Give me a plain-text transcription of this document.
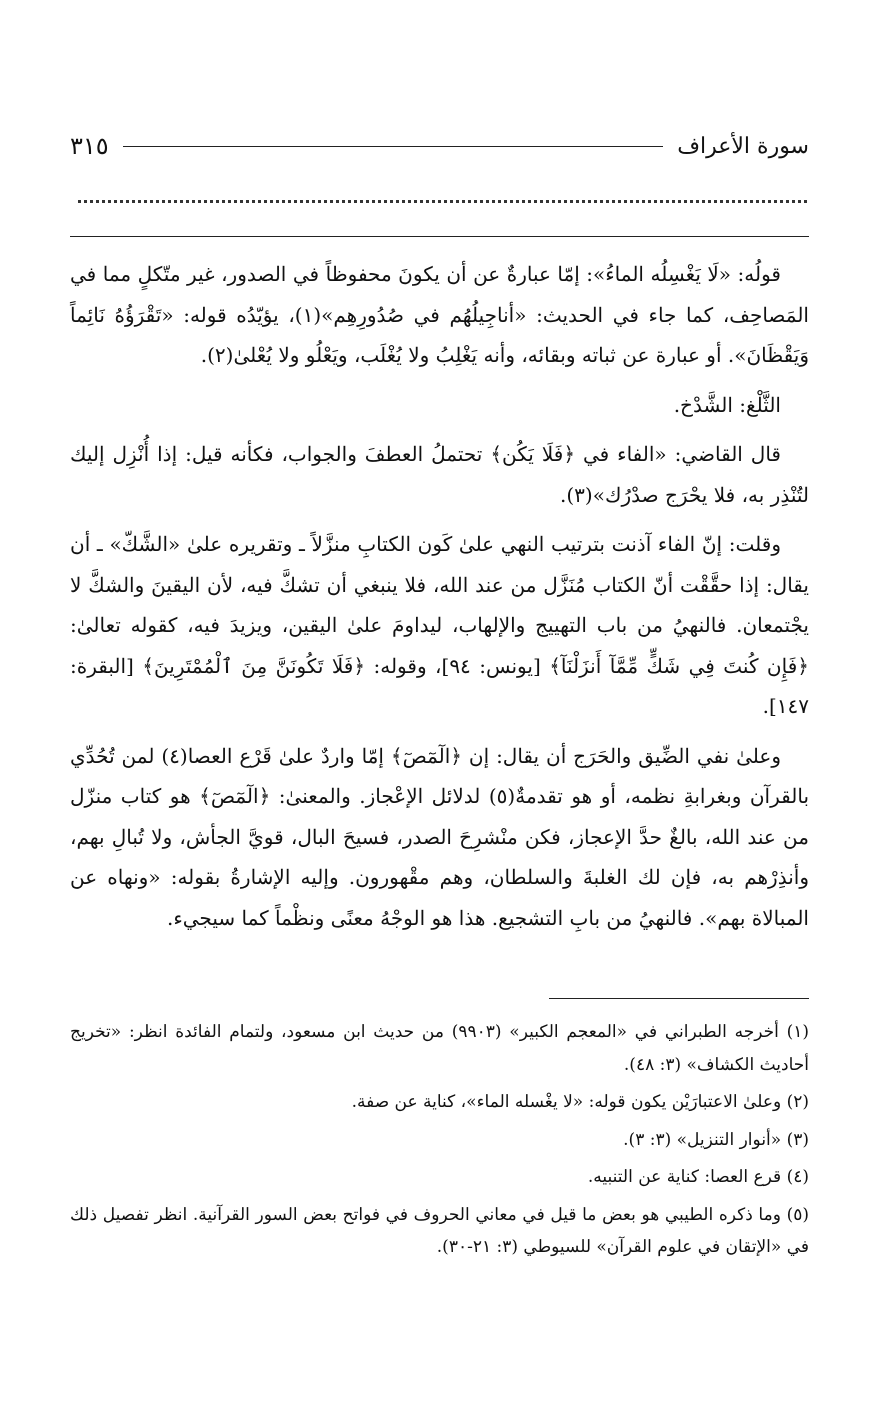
سورة الأعراف
٣١٥

قولُه: «لَا يَغْسِلُه الماءُ»: إمّا عبارةٌ عن أن يكونَ محفوظاً في الصدور، غير متّكلٍ مما في المَصاحِف، كما جاء في الحديث: «أناجِيلُهُم في صُدُورِهِم»(١)، يؤيّدُه قوله: «تَقْرَؤُهُ نَائِماً وَيَقْظَانَ». أو عبارة عن ثباته وبقائه، وأنه يَغْلِبُ ولا يُغْلَب، ويَعْلُو ولا يُعْلىٰ(٢).

الثَّلْغ: الشَّدْخ.

قال القاضي: «الفاء في ﴿فَلَا يَكُن﴾ تحتملُ العطفَ والجواب، فكأنه قيل: إذا أُنْزِل إليك لتُنْذِر به، فلا يحْرَج صدْرُك»(٣).

وقلت: إنّ الفاء آذنت بترتيب النهي علىٰ كَون الكتابِ منزَّلاً ـ وتقريره علىٰ «الشَّكّ» ـ أن يقال: إذا حقَّقْت أنّ الكتاب مُنَزَّل من عند الله، فلا ينبغي أن تشكَّ فيه، لأن اليقينَ والشكَّ لا يجْتمعان. فالنهيُ من باب التهييج والإلهاب، ليداومَ علىٰ اليقين، ويزيدَ فيه، كقوله تعالىٰ: ﴿فَإِن كُنتَ فِي شَكٍّ مِّمَّآ أَنزَلْنَآ﴾ [يونس: ٩٤]، وقوله: ﴿فَلَا تَكُونَنَّ مِنَ ٱلْمُمْتَرِينَ﴾ [البقرة: ١٤٧].

وعلىٰ نفي الضِّيق والحَرَج أن يقال: إن ﴿الٓمٓصٓ﴾ إمّا واردٌ علىٰ قَرْع العصا(٤) لمن تُحُدِّي بالقرآن وبغرابةِ نظمه، أو هو تقدمةٌ(٥) لدلائل الإعْجاز. والمعنىٰ: ﴿الٓمٓصٓ﴾ هو كتاب منزّل من عند الله، بالغٌ حدَّ الإعجاز، فكن منْشرِحَ الصدر، فسيحَ البال، قويَّ الجأش، ولا تُبالِ بهم، وأنذِرْهم به، فإن لك الغلبةَ والسلطان، وهم مقْهورون. وإليه الإشارةُ بقوله: «ونهاه عن المبالاة بهم». فالنهيُ من بابِ التشجيع. هذا هو الوجْهُ معنًى ونظْماً كما سيجيء.

(١) أخرجه الطبراني في «المعجم الكبير» (٩٩٠٣) من حديث ابن مسعود، ولتمام الفائدة انظر: «تخريج أحاديث الكشاف» (٣: ٤٨).

(٢) وعلىٰ الاعتبارَيْن يكون قوله: «لا يغْسله الماء»، كناية عن صفة.

(٣) «أنوار التنزيل» (٣: ٣).

(٤) قرع العصا: كناية عن التنبيه.

(٥) وما ذكره الطيبي هو بعض ما قيل في معاني الحروف في فواتح بعض السور القرآنية. انظر تفصيل ذلك في «الإتقان في علوم القرآن» للسيوطي (٣: ٢١-٣٠).
